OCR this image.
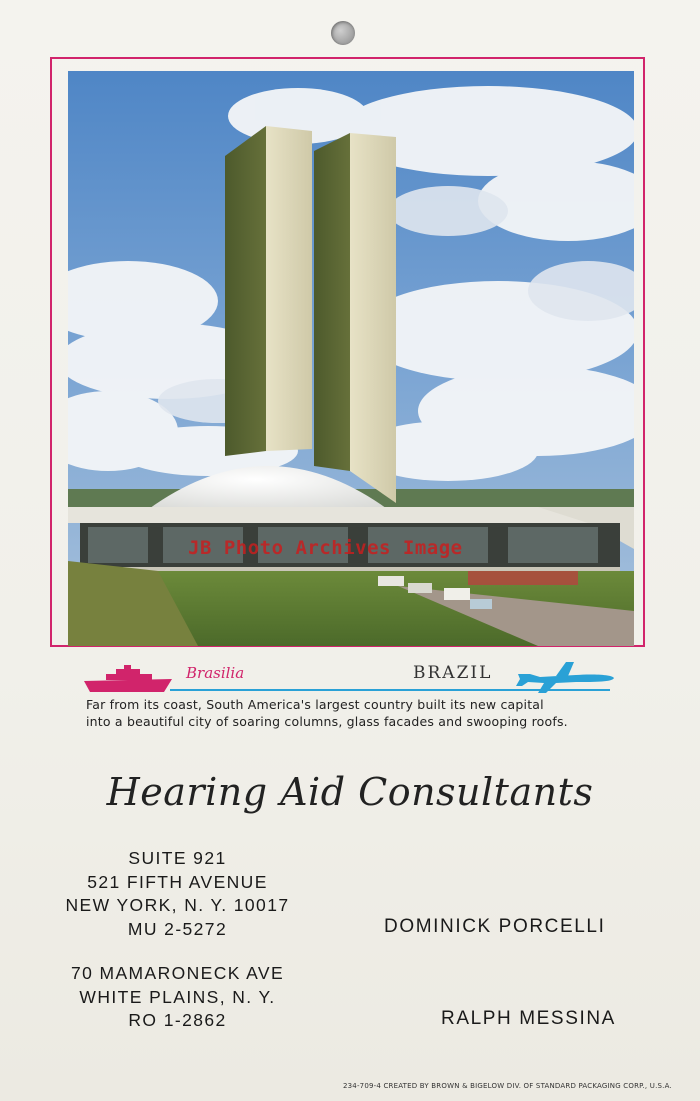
JB Photo Archives Image
Brasilia	BRAZIL
Far from its coast, South America's largest country built its new capital
into a beautiful city of soaring columns, glass facades and swooping roofs.
Hearing Aid Consultants
SUITE 921
521 FIFTH AVENUE
NEW YORK, N. Y. 10017
MU 2-5272
70 MAMARONECK AVE
WHITE PLAINS, N. Y.
RO 1-2862
DOMINICK PORCELLI
RALPH MESSINA
234-709-4 CREATED BY BROWN & BIGELOW DIV. OF STANDARD PACKAGING CORP., U.S.A.
